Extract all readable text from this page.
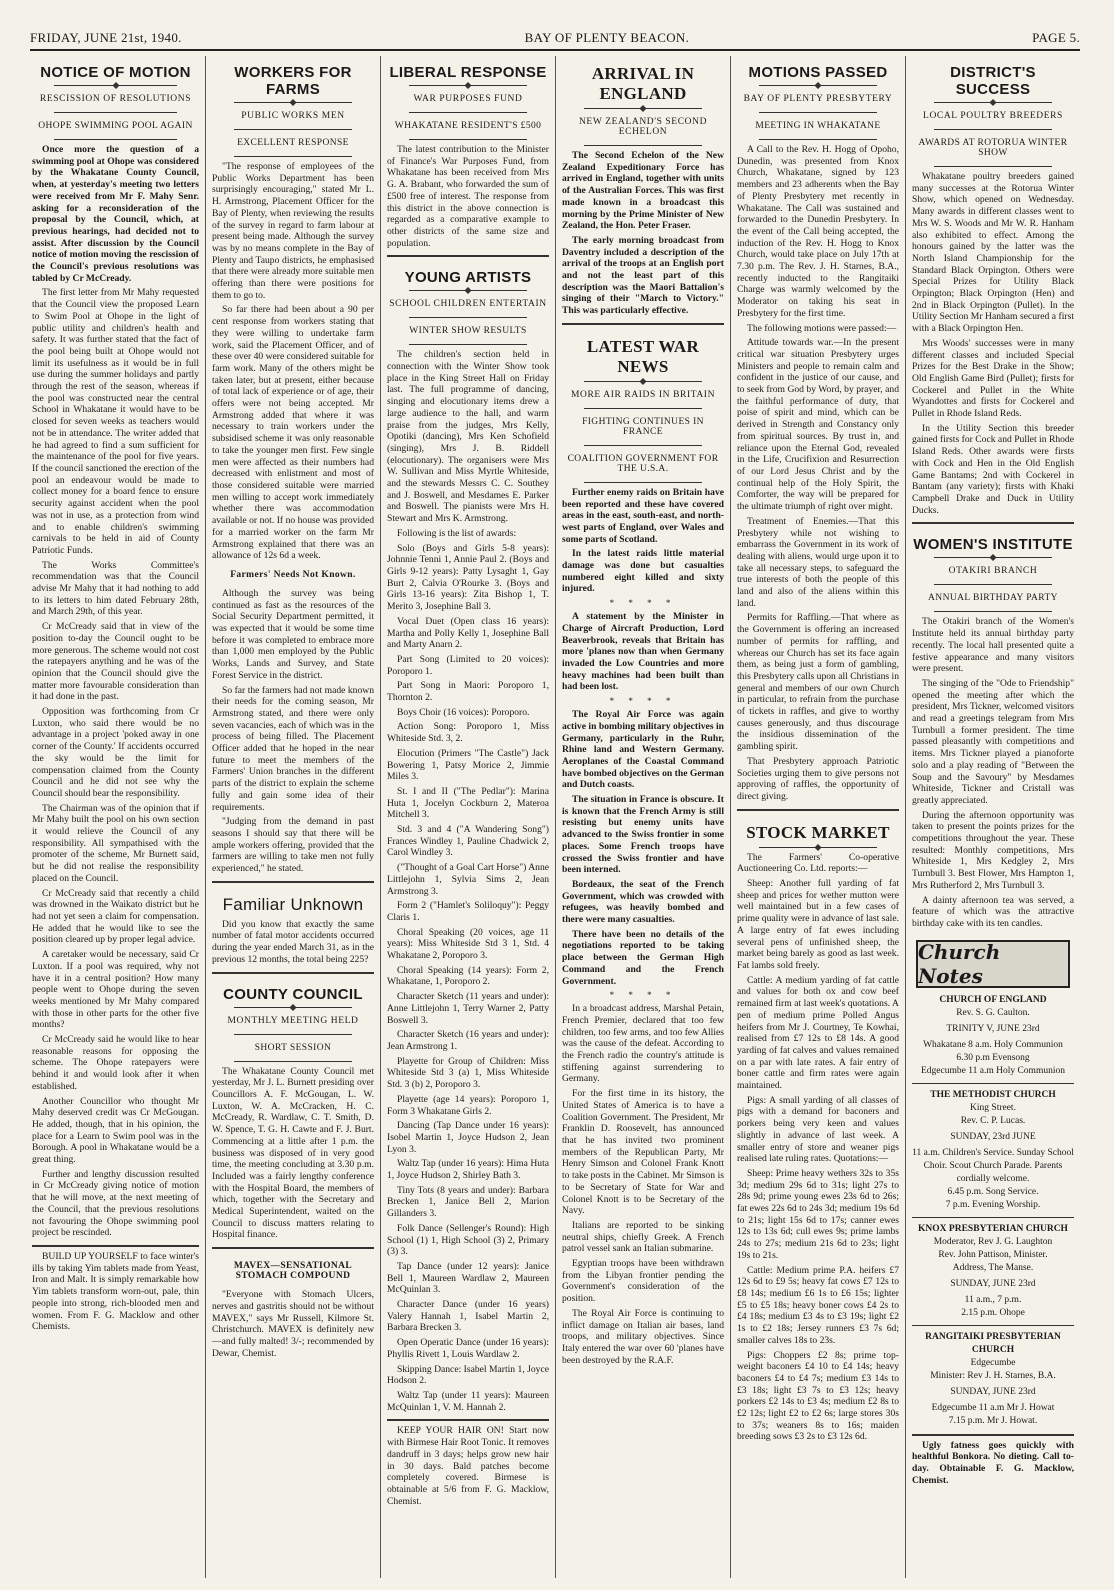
FRIDAY, JUNE 21st, 1940.	BAY OF PLENTY BEACON.	PAGE 5.
NOTICE OF MOTION
RESCISSION OF RESOLUTIONS
OHOPE SWIMMING POOL AGAIN

Once more the question of a swimming pool at Ohope was considered by the Whakatane County Council, when, at yesterday's meeting two letters were received from Mr F. Mahy Senr. asking for a reconsideration of the proposal by the Council, which, at previous hearings, had decided not to assist. After discussion by the Council notice of motion moving the rescission of the Council's previous resolutions was tabled by Cr McCready.

The first letter from Mr Mahy requested that the Council view the proposed Learn to Swim Pool at Ohope in the light of public utility and children's health and safety. It was further stated that the fact of the pool being built at Ohope would not limit its usefulness as it would be in full use during the summer holidays and partly through the rest of the season, whereas if the pool was constructed near the central School in Whakatane it would have to be closed for seven weeks as teachers would not be in attendance. The writer added that he had agreed to find a sum sufficient for the maintenance of the pool for five years. If the council sanctioned the erection of the pool an endeavour would be made to collect money for a board fence to ensure security against accident when the pool was not in use, as a protection from wind and to enable children's swimming carnivals to be held in aid of County Patriotic Funds.

The Works Committee's recommendation was that the Council advise Mr Mahy that it had nothing to add to its letters to him dated February 28th, and March 29th, of this year.

Cr McCready said that in view of the position to-day the Council ought to be more generous. The scheme would not cost the ratepayers anything and he was of the opinion that the Council should give the matter more favourable consideration than it had done in the past.

Opposition was forthcoming from Cr Luxton, who said there would be no advantage in a project 'poked away in one corner of the County.' If accidents occurred the sky would be the limit for compensation claimed from the County Council and he did not see why the Council should bear the responsibility.

The Chairman was of the opinion that if Mr Mahy built the pool on his own section it would relieve the Council of any responsibility. All sympathised with the promoter of the scheme, Mr Burnett said, but he did not realise the responsibility placed on the Council.

Cr McCready said that recently a child was drowned in the Waikato district but he had not yet seen a claim for compensation. He added that he would like to see the position cleared up by proper legal advice.

A caretaker would be necessary, said Cr Luxton. If a pool was required, why not have it in a central position? How many people went to Ohope during the seven weeks mentioned by Mr Mahy compared with those in other parts for the other five months?

Cr McCready said he would like to hear reasonable reasons for opposing the scheme. The Ohope ratepayers were behind it and would look after it when established.

Another Councillor who thought Mr Mahy deserved credit was Cr McGougan. He added, though, that in his opinion, the place for a Learn to Swim pool was in the Borough. A pool in Whakatane would be a great thing.

Further and lengthy discussion resulted in Cr McCready giving notice of motion that he will move, at the next meeting of the Council, that the previous resolutions not favouring the Ohope swimming pool project be rescinded.

BUILD UP YOURSELF to face winter's ills by taking Yim tablets made from Yeast, Iron and Malt. It is simply remarkable how Yim tablets transform worn-out, pale, thin people into strong, rich-blooded men and women. From F. G. Macklow and other Chemists.

WORKERS FOR FARMS
PUBLIC WORKS MEN
EXCELLENT RESPONSE

"The response of employees of the Public Works Department has been surprisingly encouraging," stated Mr L. H. Armstrong, Placement Officer for the Bay of Plenty, when reviewing the results of the survey in regard to farm labour at present being made. Although the survey was by no means complete in the Bay of Plenty and Taupo districts, he emphasised that there were already more suitable men offering than there were positions for them to go to.

So far there had been about a 90 per cent response from workers stating that they were willing to undertake farm work, said the Placement Officer, and of these over 40 were considered suitable for farm work. Many of the others might be taken later, but at present, either because of total lack of experience or of age, their offers were not being accepted. Mr Armstrong added that where it was necessary to train workers under the subsidised scheme it was only reasonable to take the younger men first. Few single men were affected as their numbers had decreased with enlistment and most of those considered suitable were married men willing to accept work immediately whether there was accommodation available or not. If no house was provided for a married worker on the farm Mr Armstrong explained that there was an allowance of 12s 6d a week.

Farmers' Needs Not Known.

Although the survey was being continued as fast as the resources of the Social Security Department permitted, it was expected that it would be some time before it was completed to embrace more than 1,000 men employed by the Public Works, Lands and Survey, and State Forest Service in the district.

So far the farmers had not made known their needs for the coming season, Mr Armstrong stated, and there were only seven vacancies, each of which was in the process of being filled. The Placement Officer added that he hoped in the near future to meet the members of the Farmers' Union branches in the different parts of the district to explain the scheme fully and gain some idea of their requirements.

"Judging from the demand in past seasons I should say that there will be ample workers offering, provided that the farmers are willing to take men not fully experienced," he stated.

Familiar Unknown

Did you know that exactly the same number of fatal motor accidents occurred during the year ended March 31, as in the previous 12 months, the total being 225?

COUNTY COUNCIL
MONTHLY MEETING HELD
SHORT SESSION

The Whakatane County Council met yesterday, Mr J. L. Burnett presiding over Councillors A. F. McGougan, L. W. Luxton, W. A. McCracken, H. C. McCready, R. Wardlaw, C. T. Smith, D. W. Spence, T. G. H. Cawte and F. J. Burt. Commencing at a little after 1 p.m. the business was disposed of in very good time, the meeting concluding at 3.30 p.m. Included was a fairly lengthy conference with the Hospital Board, the members of which, together with the Secretary and Medical Superintendent, waited on the Council to discuss matters relating to Hospital finance.

MAVEX—SENSATIONAL STOMACH COMPOUND

"Everyone with Stomach Ulcers, nerves and gastritis should not be without MAVEX," says Mr Russell, Kilmore St. Christchurch. MAVEX is definitely new—and fully malted! 3/-; recommended by Dewar, Chemist.

LIBERAL RESPONSE
WAR PURPOSES FUND
WHAKATANE RESIDENT'S £500

The latest contribution to the Minister of Finance's War Purposes Fund, from Whakatane has been received from Mrs G. A. Brabant, who forwarded the sum of £500 free of interest. The response from this district in the above connection is regarded as a comparative example to other districts of the same size and population.

YOUNG ARTISTS
SCHOOL CHILDREN ENTERTAIN
WINTER SHOW RESULTS

The children's section held in connection with the Winter Show took place in the King Street Hall on Friday last. The full programme of dancing, singing and elocutionary items drew a large audience to the hall, and warm praise from the judges, Mrs Kelly, Opotiki (dancing), Mrs Ken Schofield (singing), Mrs J. B. Riddell (elocutionary). The organisers were Mrs W. Sullivan and Miss Myrtle Whiteside, and the stewards Messrs C. C. Southey and J. Boswell, and Mesdames E. Parker and Boswell. The pianists were Mrs H. Stewart and Mrs K. Armstrong.

Following is the list of awards:

Solo (Boys and Girls 5-8 years): Johnnie Tenni 1, Annie Paul 2. (Boys and Girls 9-12 years): Patty Lysaght 1, Gay Burt 2, Calvia O'Rourke 3. (Boys and Girls 13-16 years): Zita Bishop 1, T. Merito 3, Josephine Ball 3.

Vocal Duet (Open class 16 years): Martha and Polly Kelly 1, Josephine Ball and Marty Anarn 2.

Part Song (Limited to 20 voices): Poroporo 1.

Part Song in Maori: Poroporo 1, Thornton 2.

Boys Choir (16 voices): Poroporo.

Action Song: Poroporo 1, Miss Whiteside Std. 3, 2.

Elocution (Primers "The Castle") Jack Bowering 1, Patsy Morice 2, Jimmie Miles 3.

St. I and II ("The Pedlar"): Marina Huta 1, Jocelyn Cockburn 2, Materoa Mitchell 3.

Std. 3 and 4 ("A Wandering Song") Frances Windley 1, Pauline Chadwick 2, Carol Windley 3.

("Thought of a Goal Cart Horse") Anne Littlejohn 1, Sylvia Sims 2, Jean Armstrong 3.

Form 2 ("Hamlet's Soliloquy"): Peggy Claris 1.

Choral Speaking (20 voices, age 11 years): Miss Whiteside Std 3 1, Std. 4 Whakatane 2, Poroporo 3.

Choral Speaking (14 years): Form 2, Whakatane, 1, Poroporo 2.

Character Sketch (11 years and under): Anne Littlejohn 1, Terry Warner 2, Patty Boswell 3.

Character Sketch (16 years and under): Jean Armstrong 1.

Playette for Group of Children: Miss Whiteside Std 3 (a) 1, Miss Whiteside Std. 3 (b) 2, Poroporo 3.

Playette (age 14 years): Poroporo 1, Form 3 Whakatane Girls 2.

Dancing (Tap Dance under 16 years): Isobel Martin 1, Joyce Hudson 2, Jean Lyon 3.

Waltz Tap (under 16 years): Hima Huta 1, Joyce Hudson 2, Shirley Bath 3.

Tiny Tots (8 years and under): Barbara Brecken 1, Janice Bell 2, Marion Gillanders 3.

Folk Dance (Sellenger's Round): High School (1) 1, High School (3) 2, Primary (3) 3.

Tap Dance (under 12 years): Janice Bell 1, Maureen Wardlaw 2, Maureen McQuinlan 3.

Character Dance (under 16 years) Valery Hannah 1, Isabel Martin 2, Barbara Brecken 3.

Open Operatic Dance (under 16 years): Phyllis Rivett 1, Louis Wardlaw 2.

Skipping Dance: Isabel Martin 1, Joyce Hodson 2.

Waltz Tap (under 11 years): Maureen McQuinlan 1, V. M. Hannah 2.

KEEP YOUR HAIR ON! Start now with Birmese Hair Root Tonic. It removes dandruff in 3 days; helps grow new hair in 30 days. Bald patches become completely covered. Birmese is obtainable at 5/6 from F. G. Macklow, Chemist.

ARRIVAL IN ENGLAND
NEW ZEALAND'S SECOND ECHELON

The Second Echelon of the New Zealand Expeditionary Force has arrived in England, together with units of the Australian Forces. This was first made known in a broadcast this morning by the Prime Minister of New Zealand, the Hon. Peter Fraser.

The early morning broadcast from Daventry included a description of the arrival of the troops at an English port and not the least part of this description was the Maori Battalion's singing of their "March to Victory." This was particularly effective.

LATEST WAR NEWS
MORE AIR RAIDS IN BRITAIN
FIGHTING CONTINUES IN FRANCE
COALITION GOVERNMENT FOR THE U.S.A.

Further enemy raids on Britain have been reported and these have covered areas in the east, south-east, and north-west parts of England, over Wales and some parts of Scotland.

In the latest raids little material damage was done but casualties numbered eight killed and sixty injured.

* * * *

A statement by the Minister in Charge of Aircraft Production, Lord Beaverbrook, reveals that Britain has more 'planes now than when Germany invaded the Low Countries and more heavy machines had been built than had been lost.

* * * *

The Royal Air Force was again active in bombing military objectives in Germany, particularly in the Ruhr, Rhine land and Western Germany. Aeroplanes of the Coastal Command have bombed objectives on the German and Dutch coasts.

The situation in France is obscure. It is known that the French Army is still resisting but enemy units have advanced to the Swiss frontier in some places. Some French troops have crossed the Swiss frontier and have been interned.

Bordeaux, the seat of the French Government, which was crowded with refugees, was heavily bombed and there were many casualties.

There have been no details of the negotiations reported to be taking place between the German High Command and the French Government.

* * * *

In a broadcast address, Marshal Petain, French Premier, declared that too few children, too few arms, and too few Allies was the cause of the defeat. According to the French radio the country's attitude is stiffening against surrendering to Germany.

For the first time in its history, the United States of America is to have a Coalition Government. The President, Mr Franklin D. Roosevelt, has announced that he has invited two prominent members of the Republican Party, Mr Henry Simson and Colonel Frank Knott to take posts in the Cabinet. Mr Simson is to be Secretary of State for War and Colonel Knott is to be Secretary of the Navy.

Italians are reported to be sinking neutral ships, chiefly Greek. A French patrol vessel sank an Italian submarine.

Egyptian troops have been withdrawn from the Libyan frontier pending the Government's consideration of the position.

The Royal Air Force is continuing to inflict damage on Italian air bases, land troops, and military objectives. Since Italy entered the war over 60 'planes have been destroyed by the R.A.F.

MOTIONS PASSED
BAY OF PLENTY PRESBYTERY
MEETING IN WHAKATANE

A Call to the Rev. H. Hogg of Opoho, Dunedin, was presented from Knox Church, Whakatane, signed by 123 members and 23 adherents when the Bay of Plenty Presbytery met recently in Whakatane. The Call was sustained and forwarded to the Dunedin Presbytery. In the event of the Call being accepted, the induction of the Rev. H. Hogg to Knox Church, would take place on July 17th at 7.30 p.m. The Rev. J. H. Starnes, B.A., recently inducted to the Rangitaiki Charge was warmly welcomed by the Moderator on taking his seat in Presbytery for the first time.

The following motions were passed:—

Attitude towards war.—In the present critical war situation Presbytery urges Ministers and people to remain calm and confident in the justice of our cause, and to seek from God by Word, by prayer, and the faithful performance of duty, that poise of spirit and mind, which can be derived in Strength and Constancy only from spiritual sources. By trust in, and reliance upon the Eternal God, revealed in the Life, Crucifixion and Resurrection of our Lord Jesus Christ and by the continual help of the Holy Spirit, the Comforter, the way will be prepared for the ultimate triumph of right over might.

Treatment of Enemies.—That this Presbytery while not wishing to embarrass the Government in its work of dealing with aliens, would urge upon it to take all necessary steps, to safeguard the true interests of both the people of this land and also of the aliens within this land.

Permits for Raffling.—That where as the Government is offering an increased number of permits for raffling, and whereas our Church has set its face again them, as being just a form of gambling, this Presbytery calls upon all Christians in general and members of our own Church in particular, to refrain from the purchase of tickets in raffles, and give to worthy causes generously, and thus discourage the insidious dissemination of the gambling spirit.

That Presbytery approach Patriotic Societies urging them to give persons not approving of raffles, the opportunity of direct giving.

STOCK MARKET

The Farmers' Co-operative Auctioneering Co. Ltd. reports:—

Sheep: Another full yarding of fat sheep and prices for wether mutton were well maintained but in a few cases of prime quality were in advance of last sale. A large entry of fat ewes including several pens of unfinished sheep, the market being barely as good as last week. Fat lambs sold freely.

Cattle: A medium yarding of fat cattle and values for both ox and cow beef remained firm at last week's quotations. A pen of medium prime Polled Angus heifers from Mr J. Courtney, Te Kowhai, realised from £7 12s to £8 14s. A good yarding of fat calves and values remained on a par with late rates. A fair entry of boner cattle and firm rates were again maintained.

Pigs: A small yarding of all classes of pigs with a demand for baconers and porkers being very keen and values slightly in advance of last week. A smaller entry of store and weaner pigs realised late ruling rates. Quotations:—

Sheep: Prime heavy wethers 32s to 35s 3d; medium 29s 6d to 31s; light 27s to 28s 9d; prime young ewes 23s 6d to 26s; fat ewes 22s 6d to 24s 3d; medium 19s 6d to 21s; light 15s 6d to 17s; canner ewes 12s to 13s 6d; cull ewes 9s; prime lambs 24s to 27s; medium 21s 6d to 23s; light 19s to 21s.

Cattle: Medium prime P.A. heifers £7 12s 6d to £9 5s; heavy fat cows £7 12s to £8 14s; medium £6 1s to £6 15s; lighter £5 to £5 18s; heavy boner cows £4 2s to £4 18s; medium £3 4s to £3 19s; light £2 1s to £2 18s; Jersey runners £3 7s 6d; smaller calves 18s to 23s.

Pigs: Choppers £2 8s; prime top-weight baconers £4 10 to £4 14s; heavy baconers £4 to £4 7s; medium £3 14s to £3 18s; light £3 7s to £3 12s; heavy porkers £2 14s to £3 4s; medium £2 8s to £2 12s; light £2 to £2 6s; large stores 30s to 37s; weaners 8s to 16s; maiden breeding sows £3 2s to £3 12s 6d.

DISTRICT'S SUCCESS
LOCAL POULTRY BREEDERS
AWARDS AT ROTORUA WINTER SHOW

Whakatane poultry breeders gained many successes at the Rotorua Winter Show, which opened on Wednesday. Many awards in different classes went to Mrs W. S. Woods and Mr W. R. Hanham also exhibited to effect. Among the honours gained by the latter was the North Island Championship for the Standard Black Orpington. Others were Special Prizes for Utility Black Orpington; Black Orpington (Hen) and 2nd in Black Orpington (Pullet). In the Utility Section Mr Hanham secured a first with a Black Orpington Hen.

Mrs Woods' successes were in many different classes and included Special Prizes for the Best Drake in the Show; Old English Game Bird (Pullet); firsts for Cockerel and Pullet in the White Wyandottes and firsts for Cockerel and Pullet in Rhode Island Reds.

In the Utility Section this breeder gained firsts for Cock and Pullet in Rhode Island Reds. Other awards were firsts with Cock and Hen in the Old English Game Bantams; 2nd with Cockerel in Bantam (any variety); firsts with Khaki Campbell Drake and Duck in Utility Ducks.

WOMEN'S INSTITUTE
OTAKIRI BRANCH
ANNUAL BIRTHDAY PARTY

The Otakiri branch of the Women's Institute held its annual birthday party recently. The local hall presented quite a festive appearance and many visitors were present.

The singing of the "Ode to Friendship" opened the meeting after which the president, Mrs Tickner, welcomed visitors and read a greetings telegram from Mrs Turnbull a former president. The time passed pleasantly with competitions and items. Mrs Tickner played a pianoforte solo and a play reading of "Between the Soup and the Savoury" by Mesdames Whiteside, Tickner and Cristall was greatly appreciated.

During the afternoon opportunity was taken to present the points prizes for the competitions throughout the year. These resulted: Monthly competitions, Mrs Whiteside 1, Mrs Kedgley 2, Mrs Turnbull 3. Best Flower, Mrs Hampton 1, Mrs Rutherford 2, Mrs Turnbull 3.

A dainty afternoon tea was served, a feature of which was the attractive birthday cake with its ten candles.

Church Notes
CHURCH OF ENGLAND
Rev. S. G. Caulton.
TRINITY V, JUNE 23rd
Whakatane 8 a.m. Holy Communion
6.30 p.m Evensong
Edgecumbe 11 a.m Holy Communion
THE METHODIST CHURCH
King Street.
Rev. C. P. Lucas.
SUNDAY, 23rd JUNE
11 a.m. Children's Service. Sunday School Choir. Scout Church Parade. Parents cordially welcome.
6.45 p.m. Song Service.
7 p.m. Evening Worship.
KNOX PRESBYTERIAN CHURCH
Moderator, Rev J. G. Laughton
Rev. John Pattison, Minister.
Address, The Manse.
SUNDAY, JUNE 23rd
11 a.m., 7 p.m.
2.15 p.m. Ohope
RANGITAIKI PRESBYTERIAN CHURCH
Edgecumbe
Minister: Rev J. H. Starnes, B.A.
SUNDAY, JUNE 23rd
Edgecumbe 11 a.m Mr J. Howat
7.15 p.m. Mr J. Howat.

Ugly fatness goes quickly with healthful Bonkora. No dieting. Call to-day. Obtainable F. G. Macklow, Chemist.
